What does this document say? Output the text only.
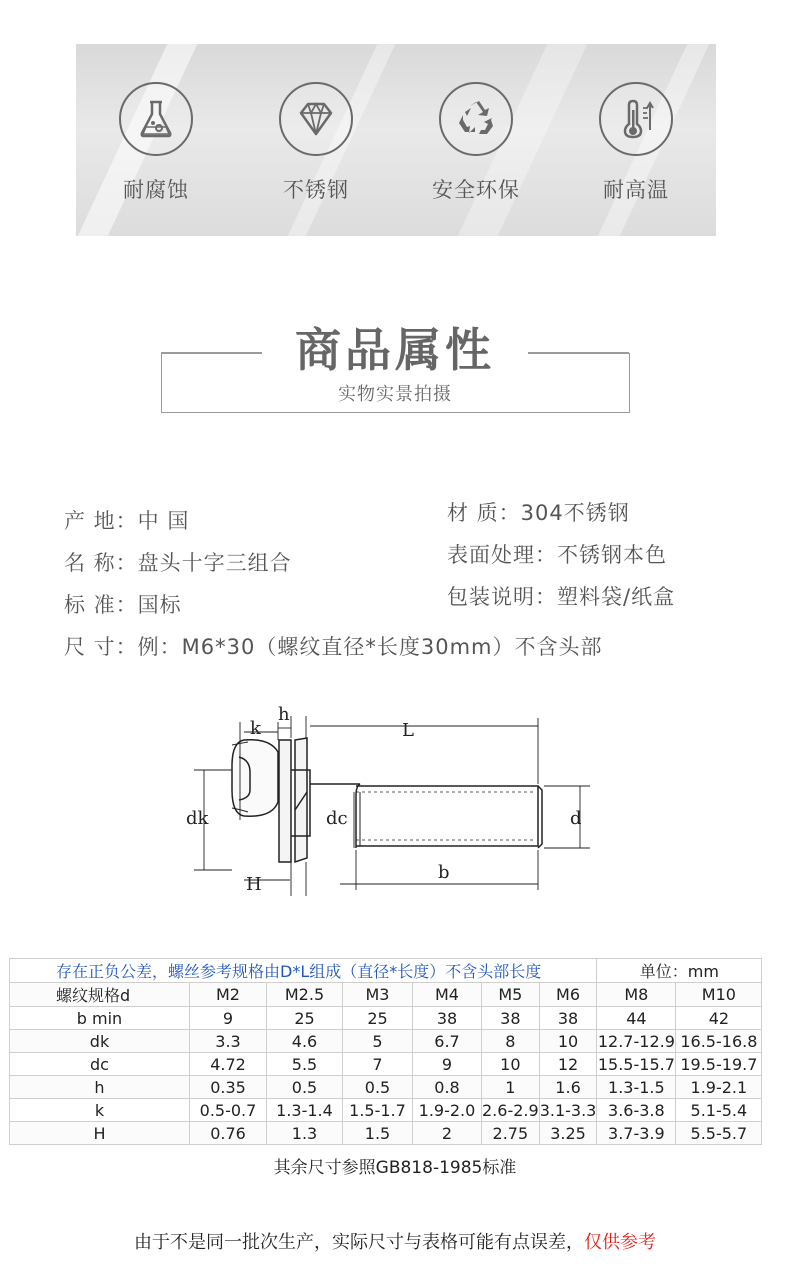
耐腐蚀	不锈钢	安全环保	耐高温
商品属性
实物实景拍摄
产 地：中 国
名 称：盘头十字三组合
标 准：国标
尺 寸：例：M6*30（螺纹直径*长度30mm）不含头部
材 质：304不锈钢
表面处理：不锈钢本色
包装说明：塑料袋/纸盒
k
h
L
dk	dc	d
H
b
存在正负公差，螺丝参考规格由D*L组成（直径*长度）不含头部长度							单位：mm	
螺纹规格d	M2	M2.5	M3	M4	M5	M6	M8	M10
b min	9	25	25	38	38	38	44	42
dk	3.3	4.6	5	6.7	8	10	12.7-12.9	16.5-16.8
dc	4.72	5.5	7	9	10	12	15.5-15.7	19.5-19.7
h	0.35	0.5	0.5	0.8	1	1.6	1.3-1.5	1.9-2.1
k	0.5-0.7	1.3-1.4	1.5-1.7	1.9-2.0	2.6-2.9	3.1-3.3	3.6-3.8	5.1-5.4
H	0.76	1.3	1.5	2	2.75	3.25	3.7-3.9	5.5-5.7
其余尺寸参照GB818-1985标准
由于不是同一批次生产，实际尺寸与表格可能有点误差，仅供参考
